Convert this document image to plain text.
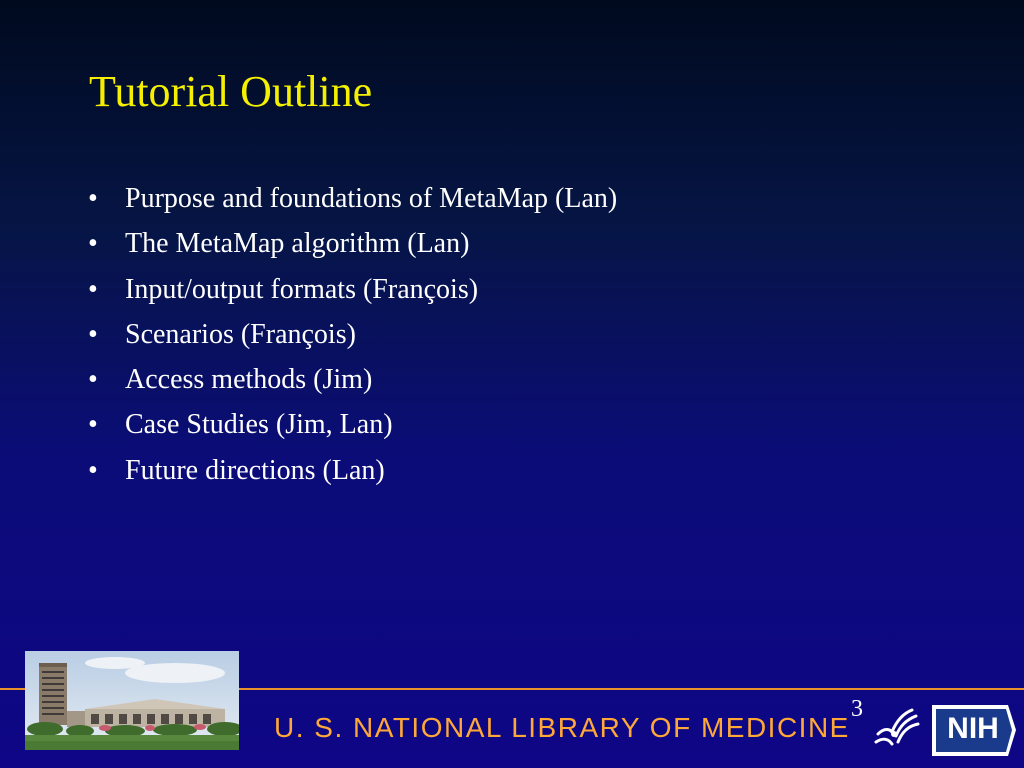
Tutorial Outline
• Purpose and foundations of MetaMap (Lan)
• The MetaMap algorithm (Lan)
• Input/output formats (François)
• Scenarios (François)
• Access methods (Jim)
• Case Studies (Jim, Lan)
• Future directions (Lan)
U. S. NATIONAL LIBRARY OF MEDICINE
3
NIH
